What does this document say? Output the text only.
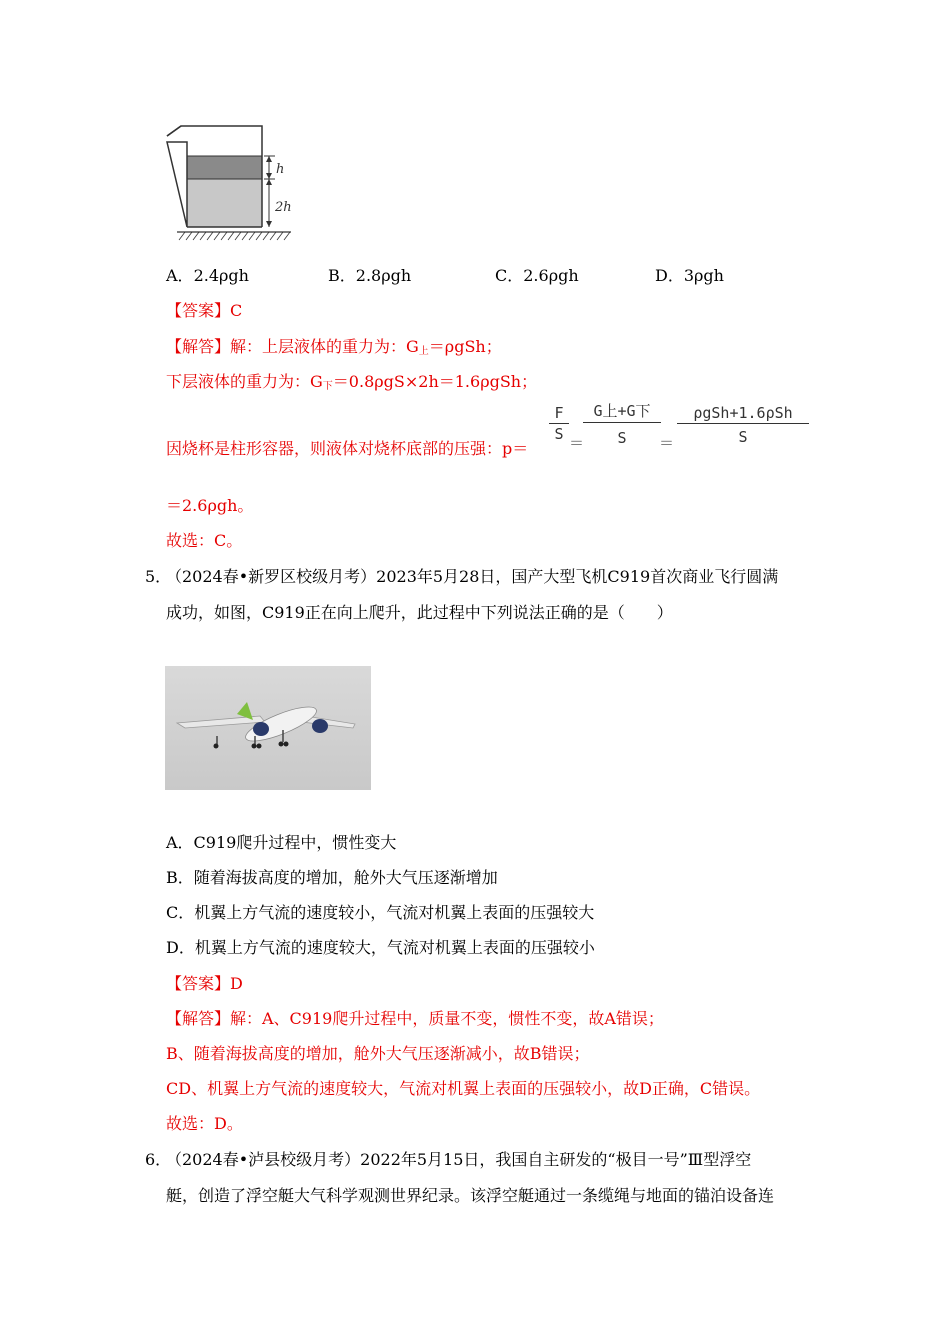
h
2h
A．2.4ρgh	B．2.8ρgh	C．2.6ρgh	D．3ρgh
【答案】C
【解答】解：上层液体的重力为：$G_上=\rho gSh$；
下层液体的重力为：$G_下=0.8\rho gS\times 2h=1.6\rho gSh$；
因烧杯是柱形容器，则液体对烧杯底部的压强：p＝
F
S ＝
G上+G下
S	＝
ρgSh+1.6ρSh
S
＝2.6ρgh。
故选：C。
5．
（2024春•新罗区校级月考）2023年5月28日，国产大型飞机C919首次商业飞行圆满
成功，如图，C919正在向上爬升，此过程中下列说法正确的是（　　）
A．C919爬升过程中，惯性变大
B．随着海拔高度的增加，舱外大气压逐渐增加
C．机翼上方气流的速度较小，气流对机翼上表面的压强较大
D．机翼上方气流的速度较大，气流对机翼上表面的压强较小
【答案】D
【解答】解：A、C919爬升过程中，质量不变，惯性不变，故A错误；
B、随着海拔高度的增加，舱外大气压逐渐减小，故B错误；
CD、机翼上方气流的速度较大，气流对机翼上表面的压强较小，故D正确，C错误。
故选：D。
6．
（2024春•泸县校级月考）2022年5月15日，我国自主研发的“极目一号”Ⅲ型浮空
艇，创造了浮空艇大气科学观测世界纪录。该浮空艇通过一条缆绳与地面的锚泊设备连
